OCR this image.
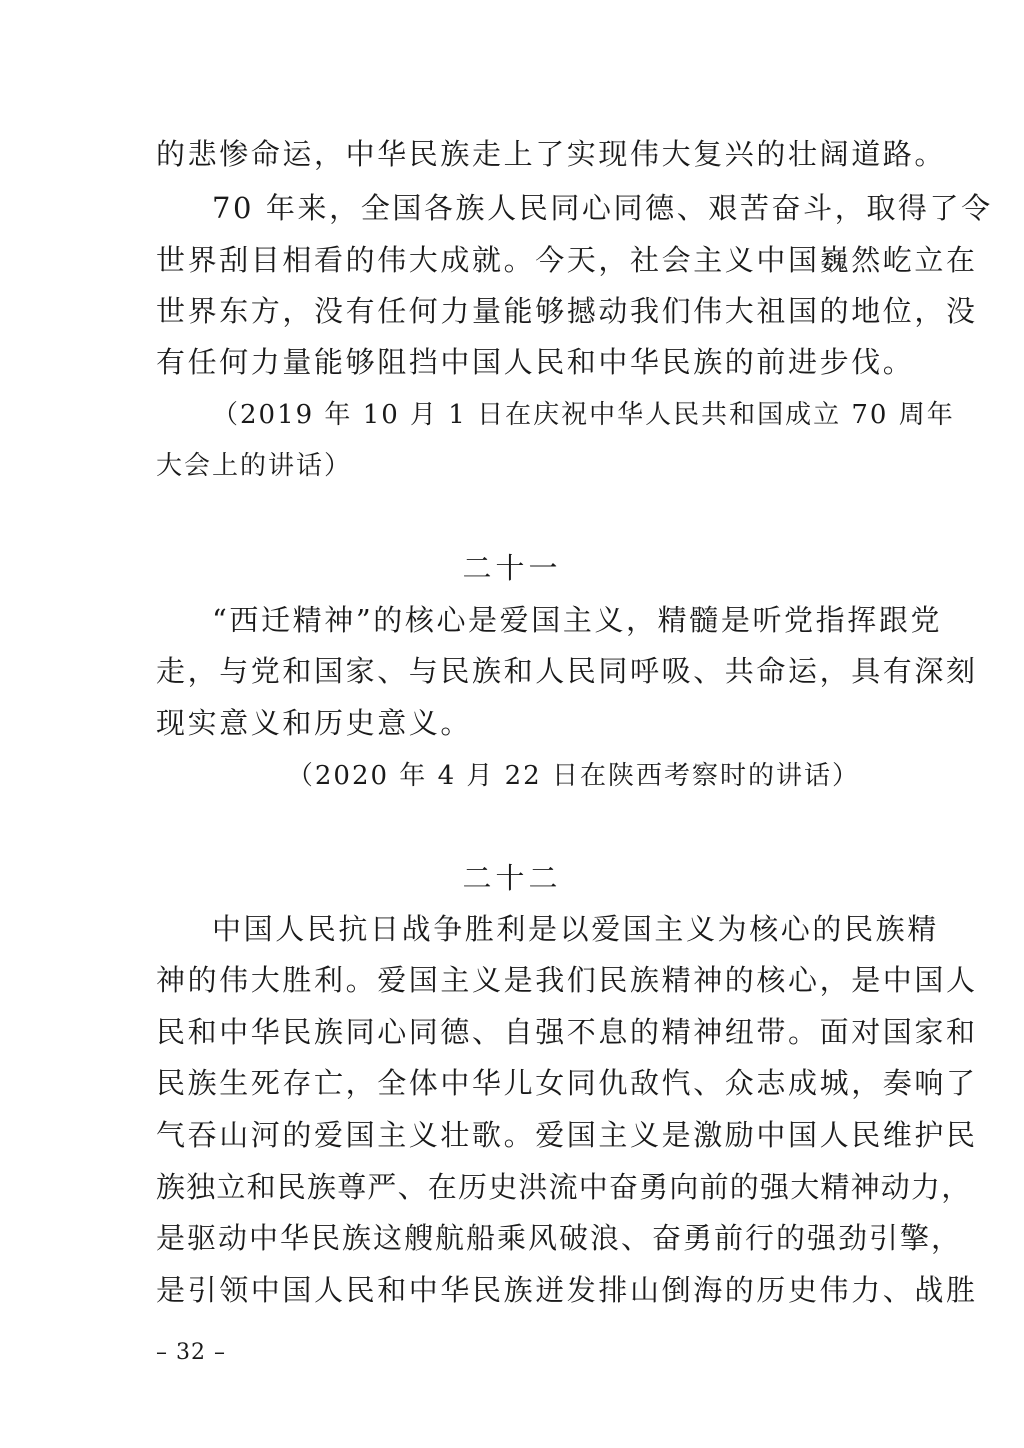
的悲惨命运，中华民族走上了实现伟大复兴的壮阔道路。
70 年来，全国各族人民同心同德、艰苦奋斗，取得了令
世界刮目相看的伟大成就。今天，社会主义中国巍然屹立在
世界东方，没有任何力量能够撼动我们伟大祖国的地位，没
有任何力量能够阻挡中国人民和中华民族的前进步伐。
（2019 年 10 月 1 日在庆祝中华人民共和国成立 70 周年
大会上的讲话）
二十一
“西迁精神”的核心是爱国主义，精髓是听党指挥跟党
走，与党和国家、与民族和人民同呼吸、共命运，具有深刻
现实意义和历史意义。
（2020 年 4 月 22 日在陕西考察时的讲话）
二十二
中国人民抗日战争胜利是以爱国主义为核心的民族精
神的伟大胜利。爱国主义是我们民族精神的核心，是中国人
民和中华民族同心同德、自强不息的精神纽带。面对国家和
民族生死存亡，全体中华儿女同仇敌忾、众志成城，奏响了
气吞山河的爱国主义壮歌。爱国主义是激励中国人民维护民
族独立和民族尊严、在历史洪流中奋勇向前的强大精神动力，
是驱动中华民族这艘航船乘风破浪、奋勇前行的强劲引擎，
是引领中国人民和中华民族迸发排山倒海的历史伟力、战胜
– 32 –
